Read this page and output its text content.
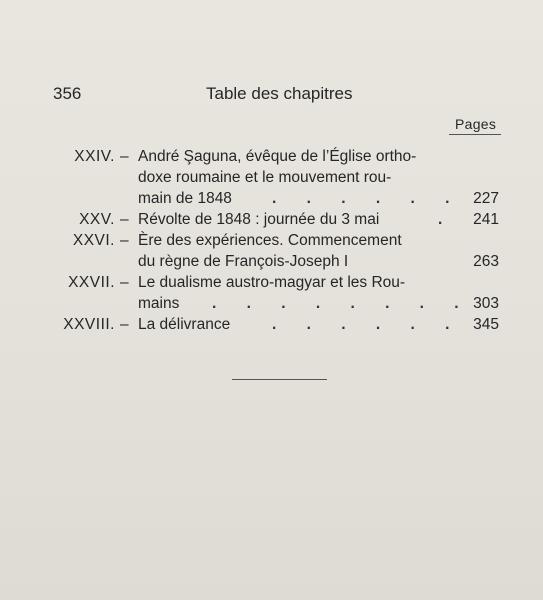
356	Table des chapitres
Pages
XXIV. – André Şaguna, évêque de l’Église ortho-
doxe roumaine et le mouvement rou-
main de 1848	. . . . . . 227
XXV. – Révolte de 1848 : journée du 3 mai	. 241
XXVI. – Ère des expériences. Commencement
du règne de François-Joseph I	263
XXVII. – Le dualisme austro-magyar et les Rou-
mains . . . . . . . . 303
XXVIII. – La délivrance	. . . . . . 345
